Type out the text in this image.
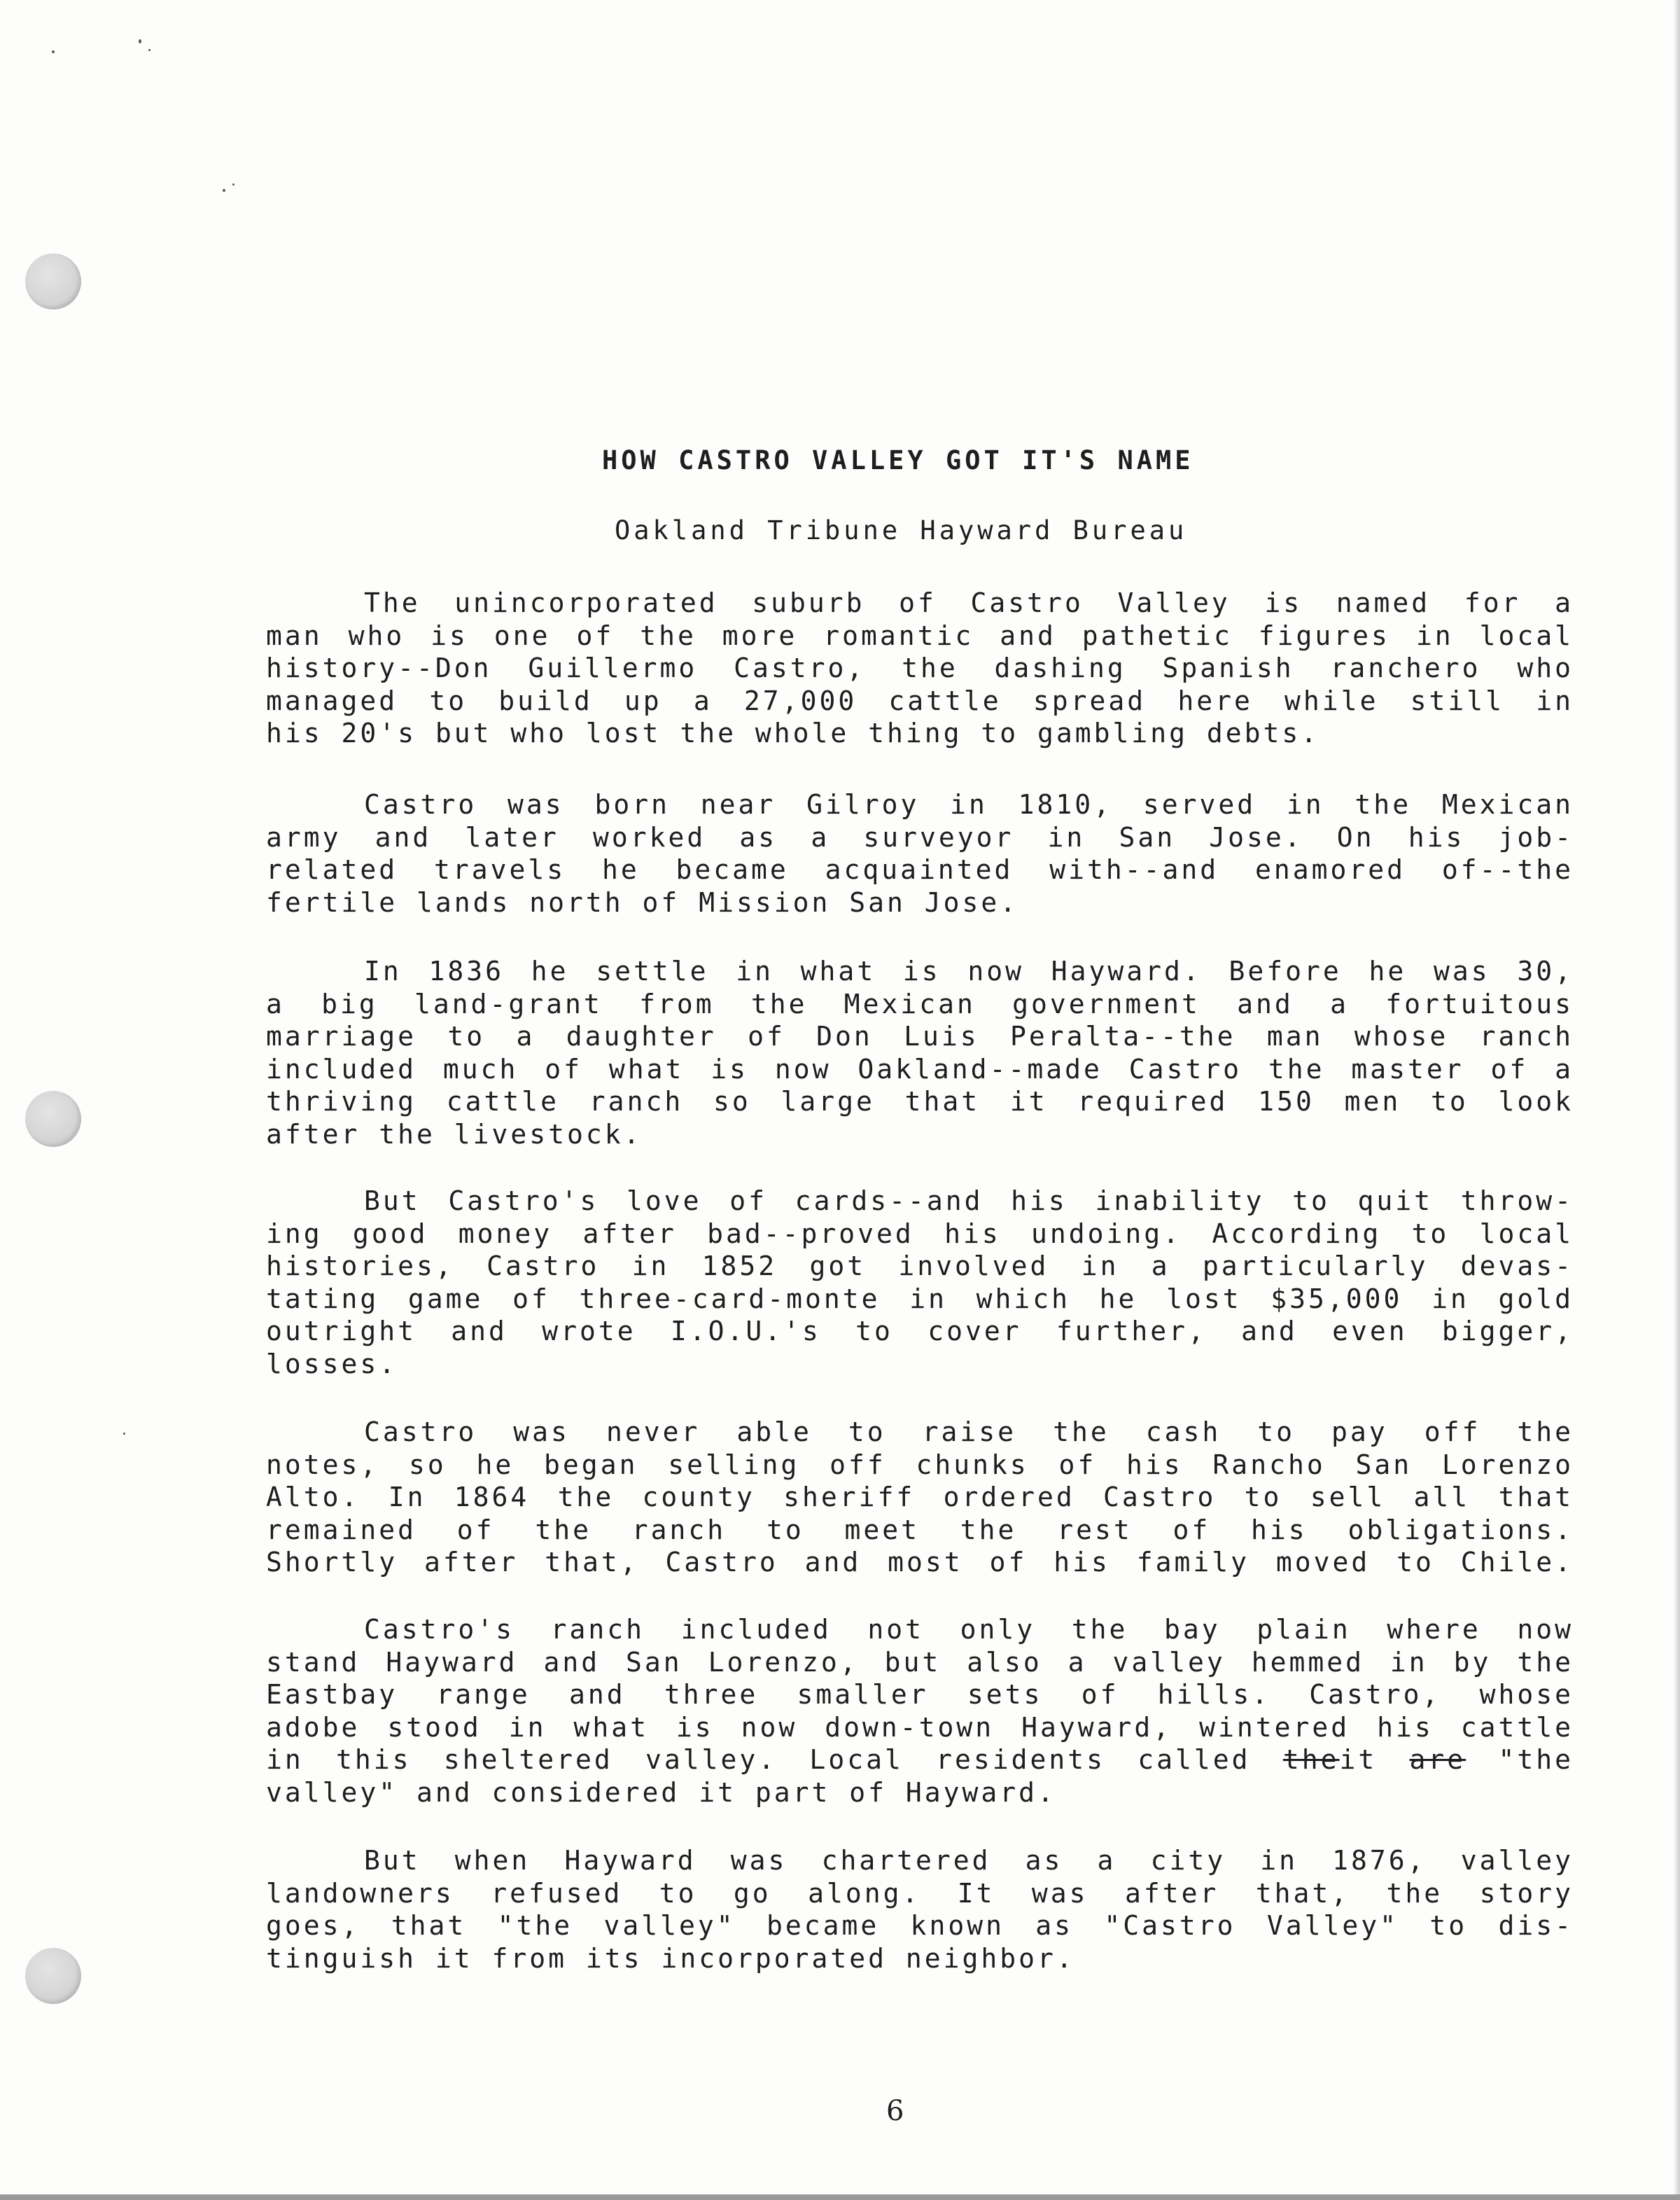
HOW CASTRO VALLEY GOT IT'S NAME
Oakland Tribune Hayward Bureau
The unincorporated suburb of Castro Valley is named for a
man who is one of the more romantic and pathetic figures in local
history--Don Guillermo Castro, the dashing Spanish ranchero who
managed to build up a 27,000 cattle spread here while still in
his 20's but who lost the whole thing to gambling debts.
Castro was born near Gilroy in 1810, served in the Mexican
army and later worked as a surveyor in San Jose. On his job-
related travels he became acquainted with--and enamored of--the
fertile lands north of Mission San Jose.
In 1836 he settle in what is now Hayward. Before he was 30,
a big land-grant from the Mexican government and a fortuitous
marriage to a daughter of Don Luis Peralta--the man whose ranch
included much of what is now Oakland--made Castro the master of a
thriving cattle ranch so large that it required 150 men to look
after the livestock.
But Castro's love of cards--and his inability to quit throw-
ing good money after bad--proved his undoing. According to local
histories, Castro in 1852 got involved in a particularly devas-
tating game of three-card-monte in which he lost $35,000 in gold
outright and wrote I.O.U.'s to cover further, and even bigger,
losses.
Castro was never able to raise the cash to pay off the
notes, so he began selling off chunks of his Rancho San Lorenzo
Alto. In 1864 the county sheriff ordered Castro to sell all that
remained of the ranch to meet the rest of his obligations.
Shortly after that, Castro and most of his family moved to Chile.
Castro's ranch included not only the bay plain where now
stand Hayward and San Lorenzo, but also a valley hemmed in by the
Eastbay range and three smaller sets of hills. Castro, whose
adobe stood in what is now down-town Hayward, wintered his cattle
in this sheltered valley. Local residents called theit are "the
valley" and considered it part of Hayward.
But when Hayward was chartered as a city in 1876, valley
landowners refused to go along. It was after that, the story
goes, that "the valley" became known as "Castro Valley" to dis-
tinguish it from its incorporated neighbor.
6
